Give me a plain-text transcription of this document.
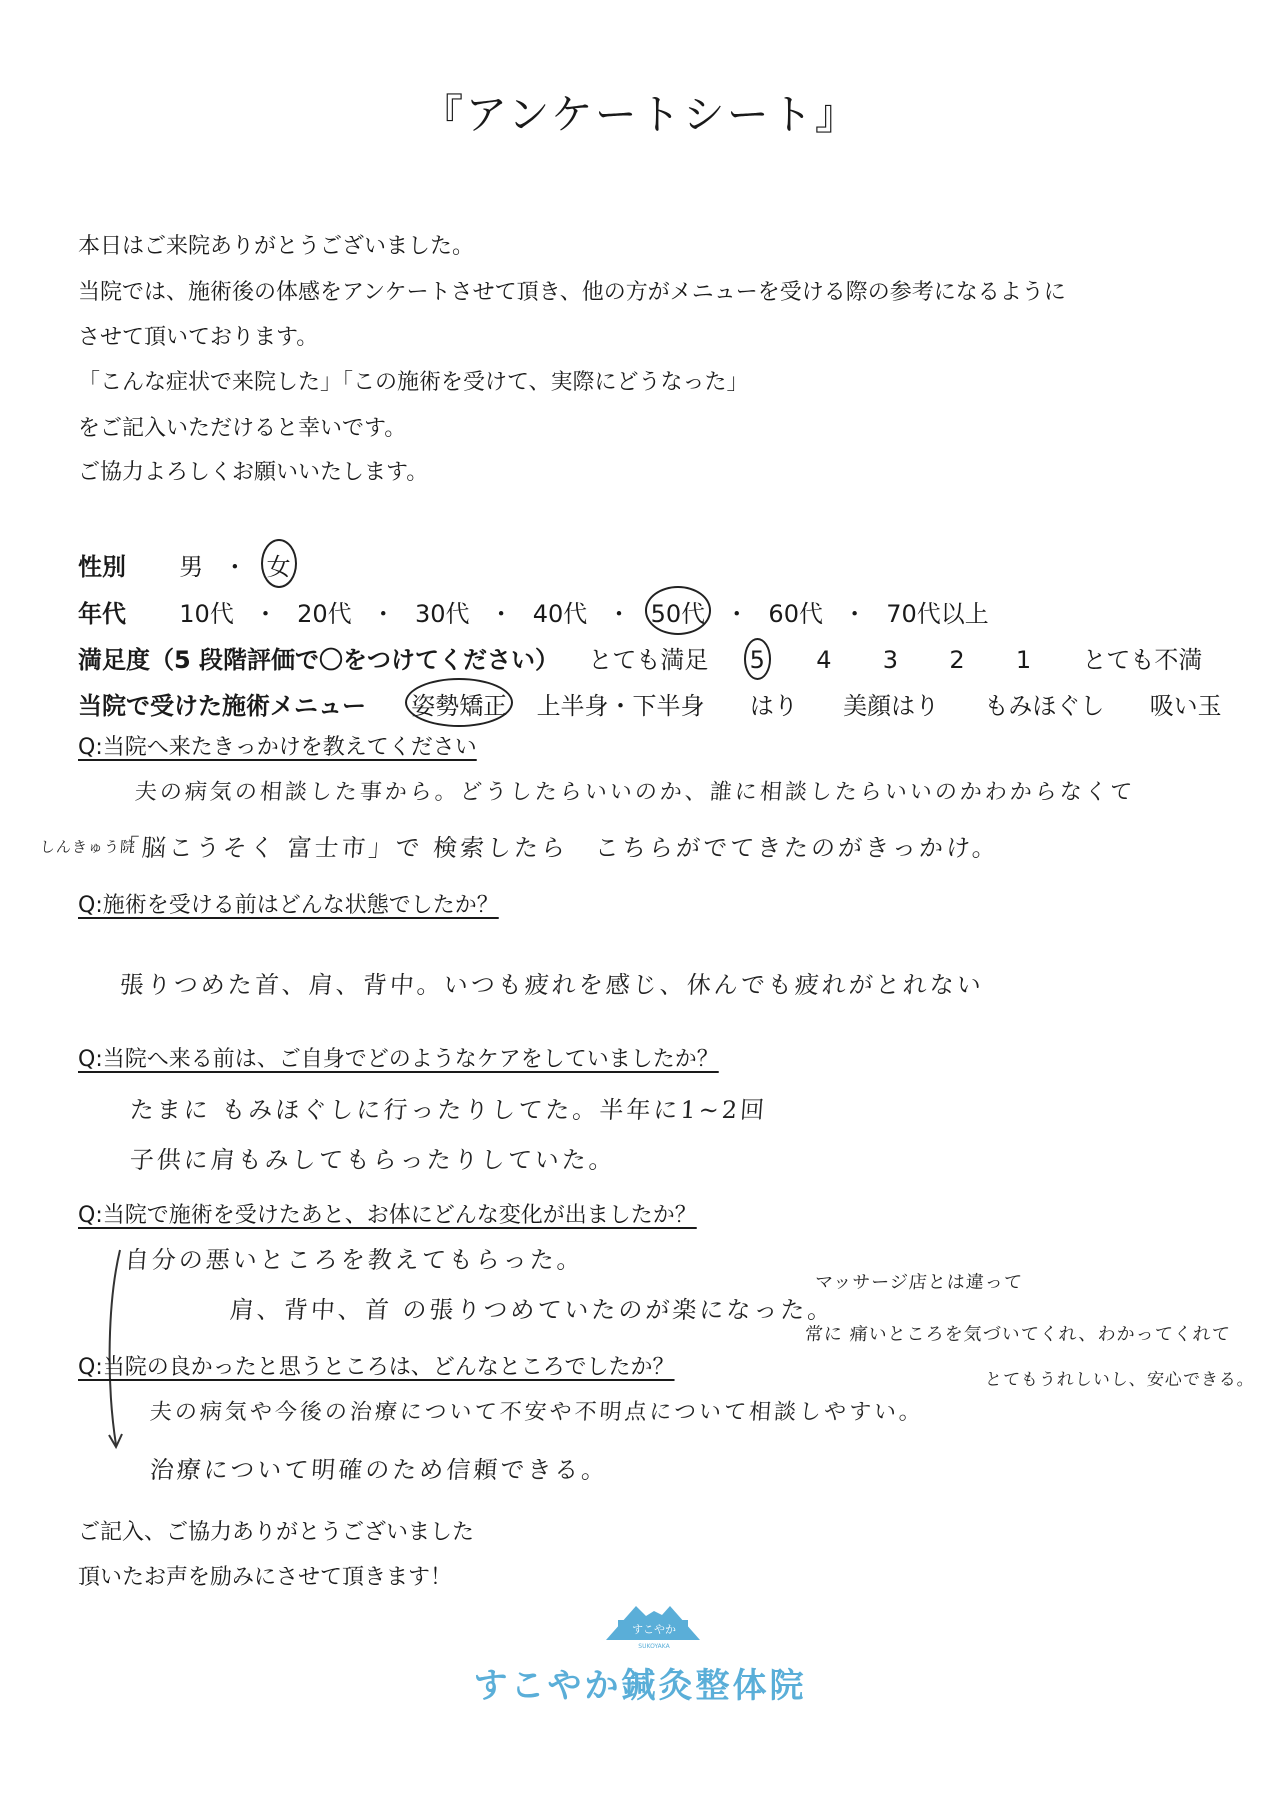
『アンケートシート』
本日はご来院ありがとうございました。
当院では、施術後の体感をアンケートさせて頂き、他の方がメニューを受ける際の参考になるように
させて頂いております。
「こんな症状で来院した」「この施術を受けて、実際にどうなった」
をご記入いただけると幸いです。
ご協力よろしくお願いいたします。
性別 男 ・ 女
年代 10代 ・ 20代 ・ 30代 ・ 40代 ・ 50代 ・ 60代 ・ 70代以上
満足度（5 段階評価で〇をつけてください） とても満足 5 4 3 2 1 とても不満
当院で受けた施術メニュー 姿勢矯正 上半身・下半身 はり 美顔はり もみほぐし 吸い玉
Q:当院へ来たきっかけを教えてください
夫の病気の相談した事から。どうしたらいいのか、誰に相談したらいいのかわからなくて
しんきゅう院
「脳こうそく 富士市」で 検索したら　こちらがでてきたのがきっかけ。
Q:施術を受ける前はどんな状態でしたか？
張りつめた首、肩、背中。いつも疲れを感じ、休んでも疲れがとれない
Q:当院へ来る前は、ご自身でどのようなケアをしていましたか？
たまに もみほぐしに行ったりしてた。半年に1~2回
子供に肩もみしてもらったりしていた。
Q:当院で施術を受けたあと、お体にどんな変化が出ましたか？
自分の悪いところを教えてもらった。
肩、背中、首 の張りつめていたのが楽になった。
マッサージ店とは違って
常に 痛いところを気づいてくれ、わかってくれて
とてもうれしいし、安心できる。
Q:当院の良かったと思うところは、どんなところでしたか？
夫の病気や今後の治療について不安や不明点について相談しやすい。
治療について明確のため信頼できる。
ご記入、ご協力ありがとうございました
頂いたお声を励みにさせて頂きます！
すこやか
SUKOYAKA
すこやか鍼灸整体院
